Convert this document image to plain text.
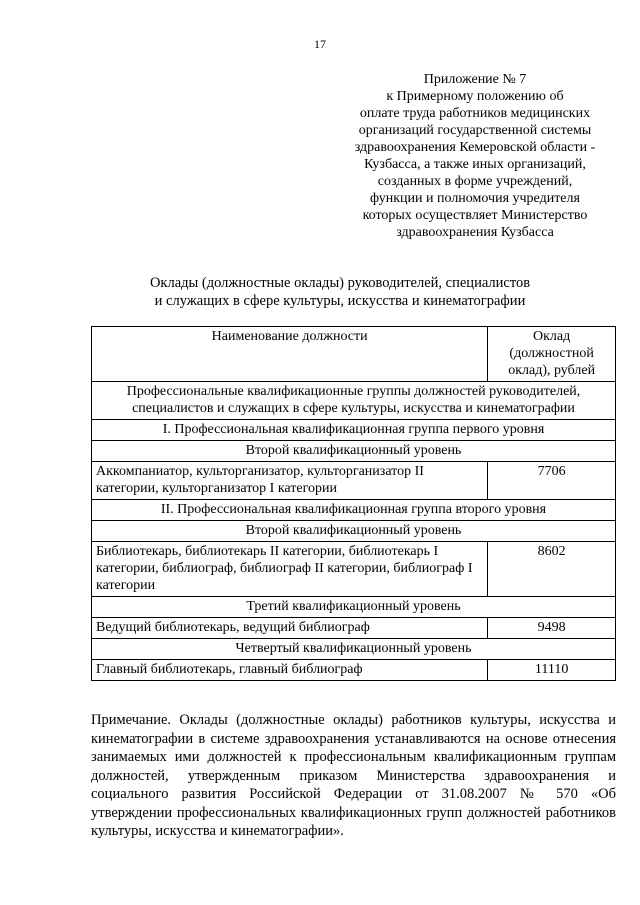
17
Приложение № 7
к Примерному положению об
оплате труда работников медицинских
организаций государственной системы
здравоохранения Кемеровской области -
Кузбасса, а также иных организаций,
созданных в форме учреждений,
функции и полномочия учредителя
которых осуществляет Министерство
здравоохранения Кузбасса
Оклады (должностные оклады) руководителей, специалистов
и служащих в сфере культуры, искусства и кинематографии
Наименование должности	Оклад (должностной оклад), рублей
Профессиональные квалификационные группы должностей руководителей, специалистов и служащих в сфере культуры, искусства и кинематографии	
I. Профессиональная квалификационная группа первого уровня	
Второй квалификационный уровень	
Аккомпаниатор, культорганизатор, культорганизатор II категории, культорганизатор I категории	7706
II. Профессиональная квалификационная группа второго уровня	
Второй квалификационный уровень	
Библиотекарь, библиотекарь II категории, библиотекарь I категории, библиограф, библиограф II категории, библиограф I категории	8602
Третий квалификационный уровень	
Ведущий библиотекарь, ведущий библиограф	9498
Четвертый квалификационный уровень	
Главный библиотекарь, главный библиограф	11110
Примечание. Оклады (должностные оклады) работников культуры, искусства и кинематографии в системе здравоохранения устанавливаются на основе отнесения занимаемых ими должностей к профессиональным квалификационным группам должностей, утвержденным приказом Министерства здравоохранения и социального развития Российской Федерации от 31.08.2007 № 570 «Об утверждении профессиональных квалификационных групп должностей работников культуры, искусства и кинематографии».
